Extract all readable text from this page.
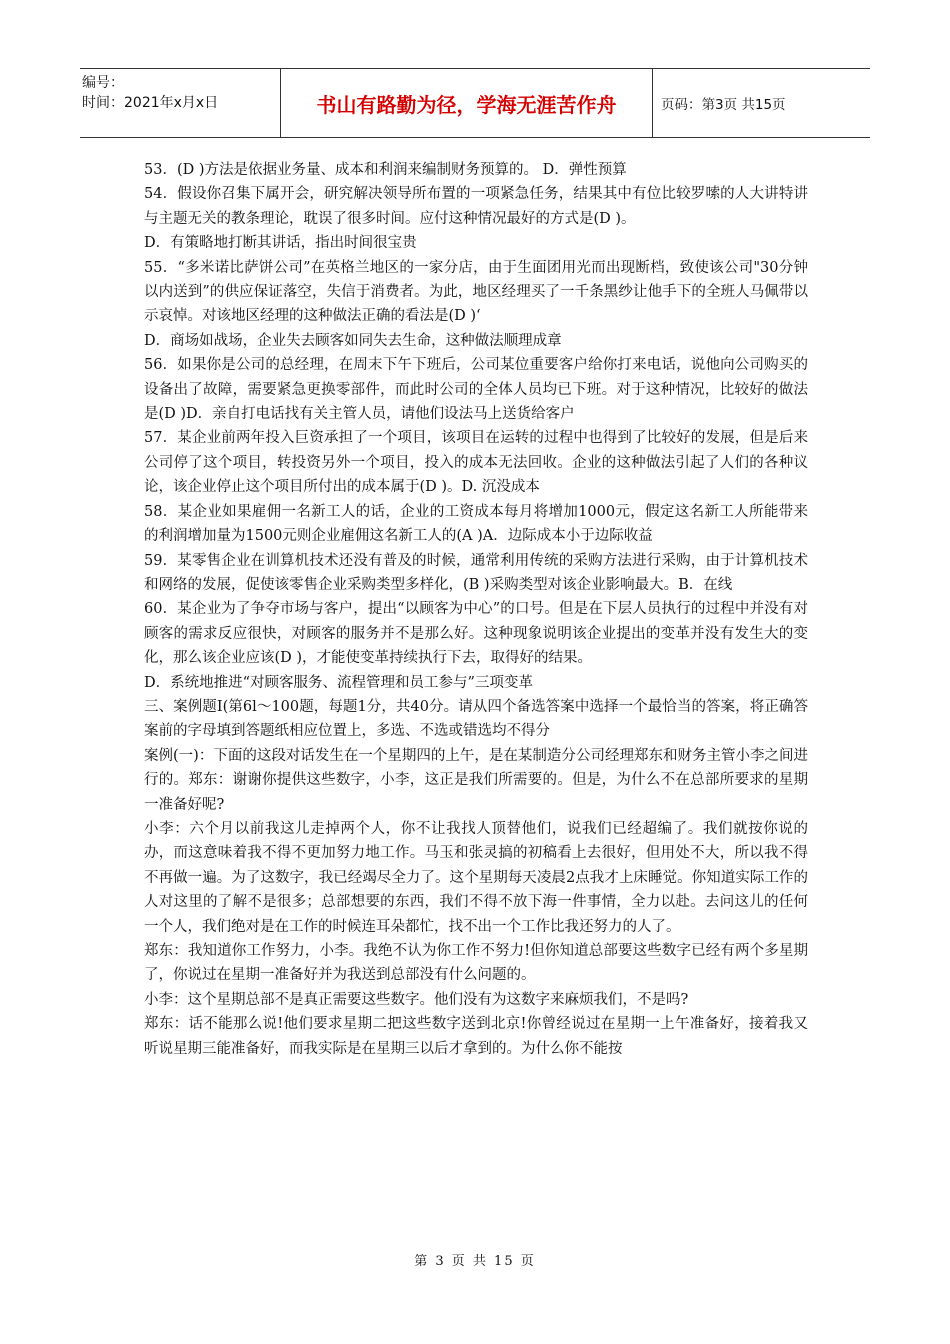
编号：
时间：2021年x月x日	书山有路勤为径，学海无涯苦作舟	页码：第3页 共15页

53．(D )方法是依据业务量、成本和利润来编制财务预算的。 D．弹性预算

54．假设你召集下属开会，研究解决领导所布置的一项紧急任务，结果其中有位比较罗嗦的人大讲特讲与主题无关的教条理论，耽误了很多时间。应付这种情况最好的方式是(D )。

D．有策略地打断其讲话，指出时间很宝贵

55．“多米诺比萨饼公司”在英格兰地区的一家分店，由于生面团用光而出现断档，致使该公司"30分钟以内送到”的供应保证落空，失信于消费者。为此，地区经理买了一千条黑纱让他手下的全班人马佩带以示哀悼。对该地区经理的这种做法正确的看法是(D )‘

D．商场如战场，企业失去顾客如同失去生命，这种做法顺理成章

56．如果你是公司的总经理，在周末下午下班后，公司某位重要客户给你打来电话，说他向公司购买的设备出了故障，需要紧急更换零部件，而此时公司的全体人员均已下班。对于这种情况，比较好的做法是(D )D．亲自打电话找有关主管人员，请他们设法马上送货给客户

57．某企业前两年投入巨资承担了一个项目，该项目在运转的过程中也得到了比较好的发展，但是后来公司停了这个项目，转投资另外一个项目，投入的成本无法回收。企业的这种做法引起了人们的各种议论，该企业停止这个项目所付出的成本属于(D )。D. 沉没成本

58．某企业如果雇佣一名新工人的话，企业的工资成本每月将增加1000元，假定这名新工人所能带来的利润增加量为1500元则企业雇佣这名新工人的(A )A．边际成本小于边际收益

59．某零售企业在训算机技术还没有普及的时候，通常利用传统的采购方法进行采购，由于计算机技术和网络的发展，促使该零售企业采购类型多样化，(B )采购类型对该企业影响最大。B．在线

60．某企业为了争夺市场与客户，提出“以顾客为中心”的口号。但是在下层人员执行的过程中并没有对顾客的需求反应很快，对顾客的服务并不是那么好。这种现象说明该企业提出的变革并没有发生大的变化，那么该企业应该(D )，才能使变革持续执行下去，取得好的结果。

D．系统地推进“对顾客服务、流程管理和员工参与”三项变革

三、案例题I(第6l～100题，每题1分，共40分。请从四个备选答案中选择一个最恰当的答案，将正确答案前的字母填到答题纸相应位置上，多选、不选或错选均不得分

案例(一)：下面的这段对话发生在一个星期四的上午，是在某制造分公司经理郑东和财务主管小李之间进行的。郑东：谢谢你提供这些数字，小李，这正是我们所需要的。但是，为什么不在总部所要求的星期一准备好呢?

小李：六个月以前我这儿走掉两个人，你不让我找人顶替他们，说我们已经超编了。我们就按你说的办，而这意味着我不得不更加努力地工作。马玉和张灵搞的初稿看上去很好，但用处不大，所以我不得不再做一遍。为了这数字，我已经竭尽全力了。这个星期每天凌晨2点我才上床睡觉。你知道实际工作的人对这里的了解不是很多；总部想要的东西，我们不得不放下海一件事情，全力以赴。去问这儿的任何一个人，我们绝对是在工作的时候连耳朵都忙，找不出一个工作比我还努力的人了。

郑东：我知道你工作努力，小李。我绝不认为你工作不努力!但你知道总部要这些数字已经有两个多星期了，你说过在星期一准备好并为我送到总部没有什么问题的。

小李：这个星期总部不是真正需要这些数字。他们没有为这数字来麻烦我们，不是吗?

郑东：话不能那么说!他们要求星期二把这些数字送到北京!你曾经说过在星期一上午准备好，接着我又听说星期三能准备好，而我实际是在星期三以后才拿到的。为什么你不能按

第 3 页 共 15 页
